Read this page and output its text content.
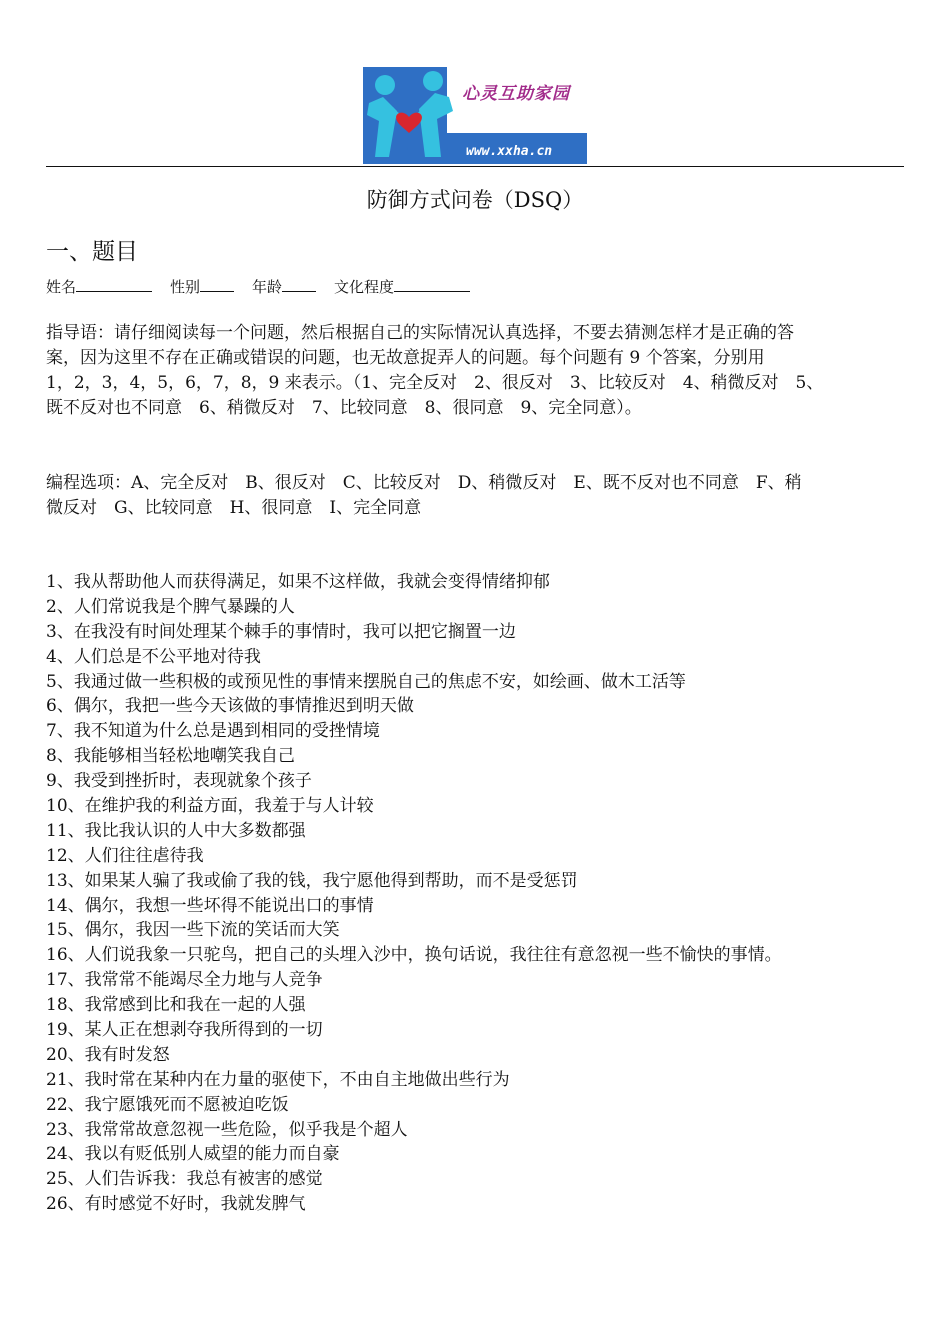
心灵互助家园
www.xxha.cn
防御方式问卷（DSQ）
一、题目
姓名	性别	年龄	文化程度
指导语：请仔细阅读每一个问题，然后根据自己的实际情况认真选择，不要去猜测怎样才是正确的答
案，因为这里不存在正确或错误的问题，也无故意捉弄人的问题。每个问题有 9 个答案，分别用
1，2，3，4，5，6，7，8，9 来表示。（1、完全反对　2、很反对　3、比较反对　4、稍微反对　5、
既不反对也不同意　6、稍微反对　7、比较同意　8、很同意　9、完全同意）。
编程选项：A、完全反对　B、很反对　C、比较反对　D、稍微反对　E、既不反对也不同意　F、稍
微反对　G、比较同意　H、很同意　I、完全同意
1、我从帮助他人而获得满足，如果不这样做，我就会变得情绪抑郁
2、人们常说我是个脾气暴躁的人
3、在我没有时间处理某个棘手的事情时，我可以把它搁置一边
4、人们总是不公平地对待我
5、我通过做一些积极的或预见性的事情来摆脱自己的焦虑不安，如绘画、做木工活等
6、偶尔，我把一些今天该做的事情推迟到明天做
7、我不知道为什么总是遇到相同的受挫情境
8、我能够相当轻松地嘲笑我自己
9、我受到挫折时，表现就象个孩子
10、在维护我的利益方面，我羞于与人计较
11、我比我认识的人中大多数都强
12、人们往往虐待我
13、如果某人骗了我或偷了我的钱，我宁愿他得到帮助，而不是受惩罚
14、偶尔，我想一些坏得不能说出口的事情
15、偶尔，我因一些下流的笑话而大笑
16、人们说我象一只驼鸟，把自己的头埋入沙中，换句话说，我往往有意忽视一些不愉快的事情。
17、我常常不能竭尽全力地与人竞争
18、我常感到比和我在一起的人强
19、某人正在想剥夺我所得到的一切
20、我有时发怒
21、我时常在某种内在力量的驱使下，不由自主地做出些行为
22、我宁愿饿死而不愿被迫吃饭
23、我常常故意忽视一些危险，似乎我是个超人
24、我以有贬低别人威望的能力而自豪
25、人们告诉我：我总有被害的感觉
26、有时感觉不好时，我就发脾气
